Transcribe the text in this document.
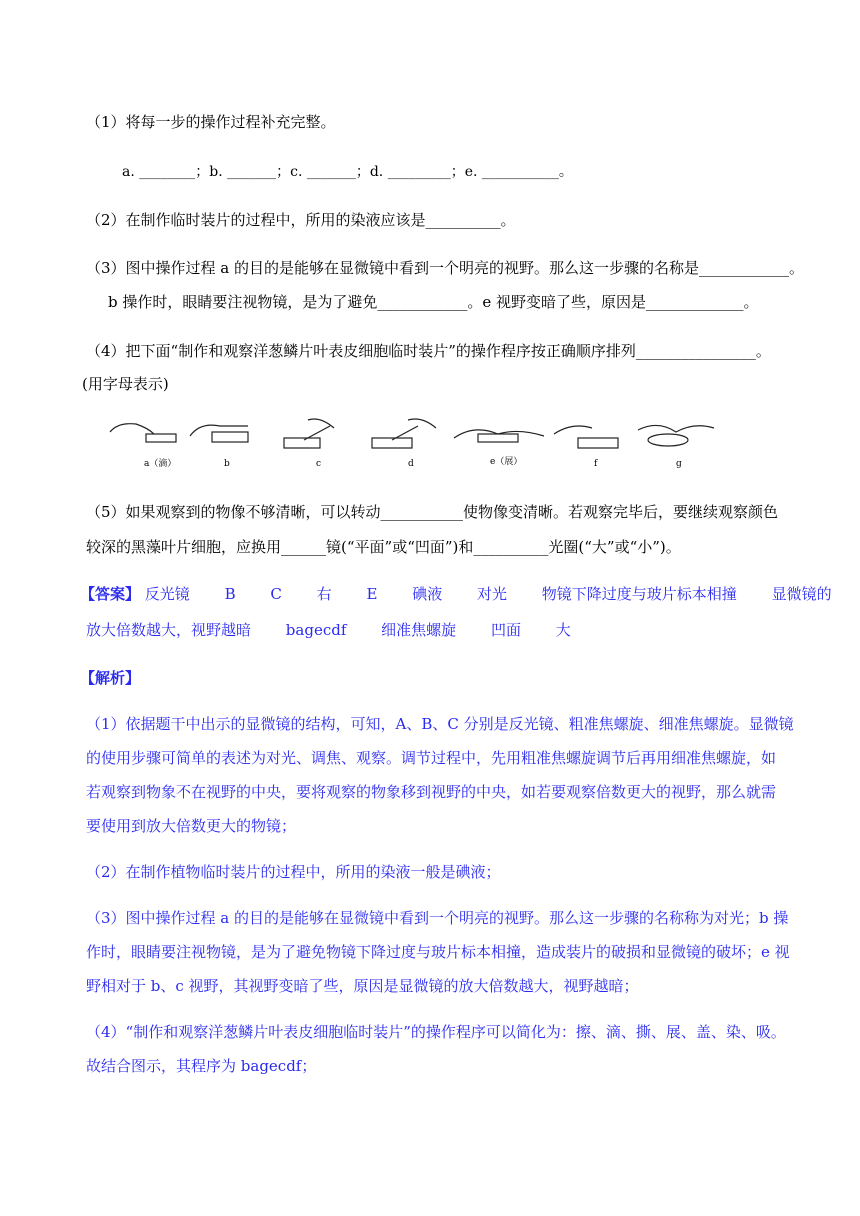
（1）将每一步的操作过程补充完整。
a. ________；b. _______；c. _______；d. _________；e. ___________。
（2）在制作临时装片的过程中，所用的染液应该是__________。
（3）图中操作过程 a 的目的是能够在显微镜中看到一个明亮的视野。那么这一步骤的名称是____________。
b 操作时，眼睛要注视物镜，是为了避免____________。e 视野变暗了些，原因是_____________。
（4）把下面“制作和观察洋葱鳞片叶表皮细胞临时装片”的操作程序按正确顺序排列________________。
(用字母表示)
a（滴）	b	c	d	e（展）	f	g
（5）如果观察到的物像不够清晰，可以转动___________使物像变清晰。若观察完毕后，要继续观察颜色
较深的黑藻叶片细胞，应换用______镜(“平面”或“凹面”)和__________光圈(“大”或“小”)。
【答案】 反光镜 B C 右 E 碘液 对光 物镜下降过度与玻片标本相撞 显微镜的
放大倍数越大，视野越暗 bagecdf 细准焦螺旋 凹面 大
【解析】
（1）依据题干中出示的显微镜的结构，可知，A、B、C 分别是反光镜、粗准焦螺旋、细准焦螺旋。显微镜
的使用步骤可简单的表述为对光、调焦、观察。调节过程中，先用粗准焦螺旋调节后再用细准焦螺旋，如
若观察到物象不在视野的中央，要将观察的物象移到视野的中央，如若要观察倍数更大的视野，那么就需
要使用到放大倍数更大的物镜；
（2）在制作植物临时装片的过程中，所用的染液一般是碘液；
（3）图中操作过程 a 的目的是能够在显微镜中看到一个明亮的视野。那么这一步骤的名称称为对光；b 操
作时，眼睛要注视物镜，是为了避免物镜下降过度与玻片标本相撞，造成装片的破损和显微镜的破坏；e 视
野相对于 b、c 视野，其视野变暗了些，原因是显微镜的放大倍数越大，视野越暗；
（4）“制作和观察洋葱鳞片叶表皮细胞临时装片”的操作程序可以简化为：擦、滴、撕、展、盖、染、吸。
故结合图示，其程序为 bagecdf；
